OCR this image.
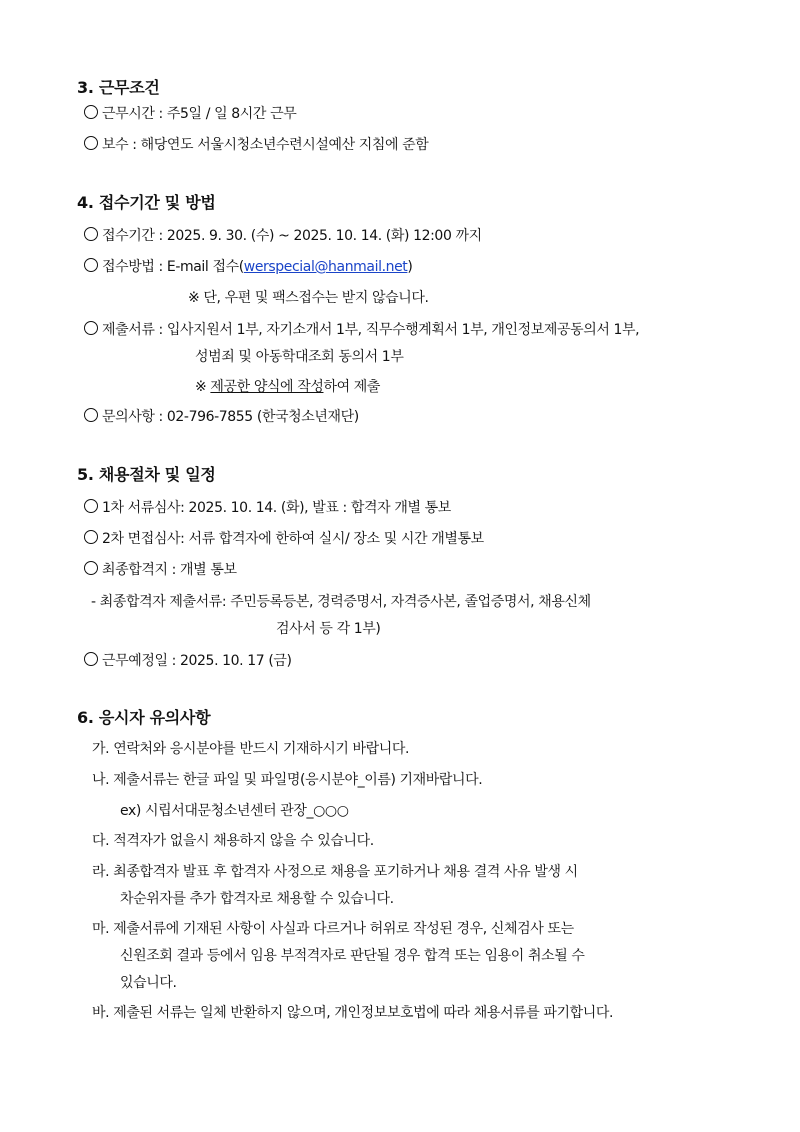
3. 근무조건
근무시간 : 주5일 / 일 8시간 근무
보수 : 해당연도 서울시청소년수련시설예산 지침에 준함
4. 접수기간 및 방법
접수기간 : 2025. 9. 30. (수) ~ 2025. 10. 14. (화) 12:00 까지
접수방법 : E-mail 접수(werspecial@hanmail.net)
※ 단, 우편 및 팩스접수는 받지 않습니다.
제출서류 : 입사지원서 1부, 자기소개서 1부, 직무수행계획서 1부, 개인정보제공동의서 1부,
성범죄 및 아동학대조회 동의서 1부
※ 제공한 양식에 작성하여 제출
문의사항 : 02-796-7855 (한국청소년재단)
5. 채용절차 및 일정
1차 서류심사: 2025. 10. 14. (화), 발표 : 합격자 개별 통보
2차 면접심사: 서류 합격자에 한하여 실시/ 장소 및 시간 개별통보
최종합격지 : 개별 통보
- 최종합격자 제출서류: 주민등록등본, 경력증명서, 자격증사본, 졸업증명서, 채용신체
검사서 등 각 1부)
근무예정일 : 2025. 10. 17 (금)
6. 응시자 유의사항
가. 연락처와 응시분야를 반드시 기재하시기 바랍니다.
나. 제출서류는 한글 파일 및 파일명(응시분야_이름) 기재바랍니다.
ex) 시립서대문청소년센터 관장_○○○
다. 적격자가 없을시 채용하지 않을 수 있습니다.
라. 최종합격자 발표 후 합격자 사정으로 채용을 포기하거나 채용 결격 사유 발생 시
차순위자를 추가 합격자로 채용할 수 있습니다.
마. 제출서류에 기재된 사항이 사실과 다르거나 허위로 작성된 경우, 신체검사 또는
신원조회 결과 등에서 임용 부적격자로 판단될 경우 합격 또는 임용이 취소될 수
있습니다.
바. 제출된 서류는 일체 반환하지 않으며, 개인정보보호법에 따라 채용서류를 파기합니다.
